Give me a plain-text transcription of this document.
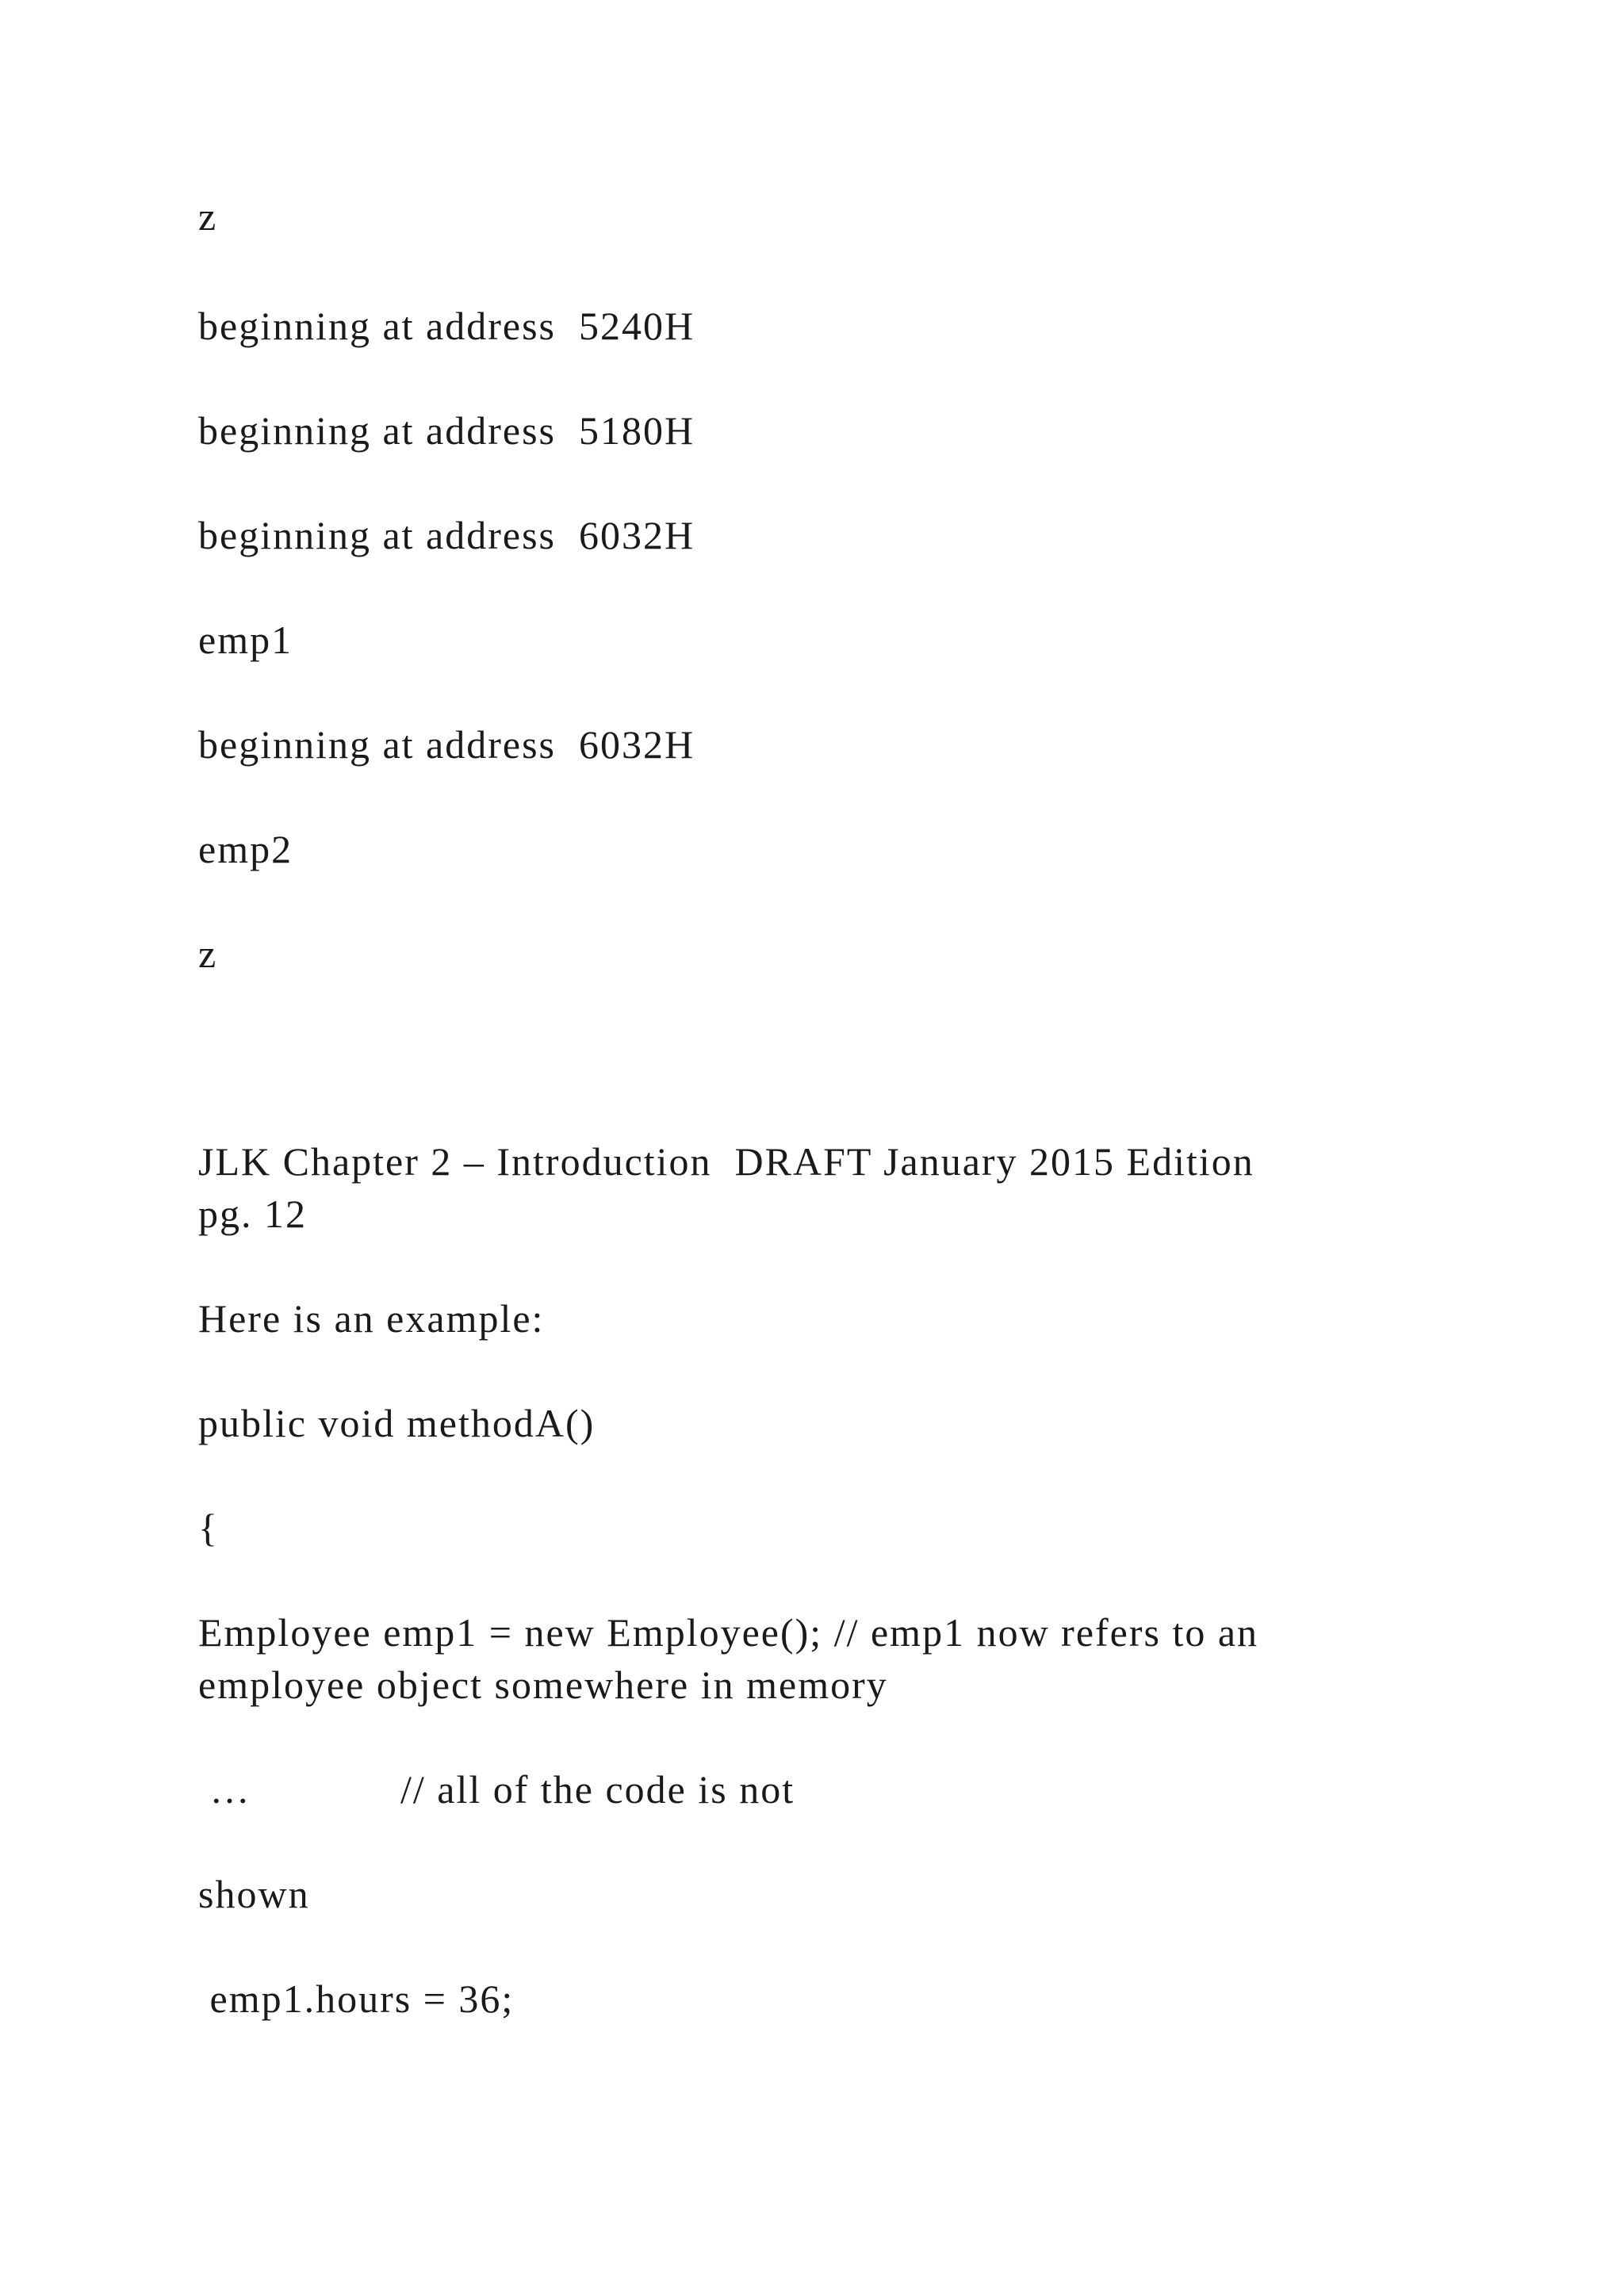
z
beginning at address  5240H
beginning at address  5180H
beginning at address  6032H
emp1
beginning at address  6032H
emp2
z
JLK Chapter 2 – Introduction  DRAFT January 2015 Edition
pg. 12
Here is an example:
public void methodA()
{
Employee emp1 = new Employee(); // emp1 now refers to an
employee object somewhere in memory
…             // all of the code is not
shown
emp1.hours = 36;
